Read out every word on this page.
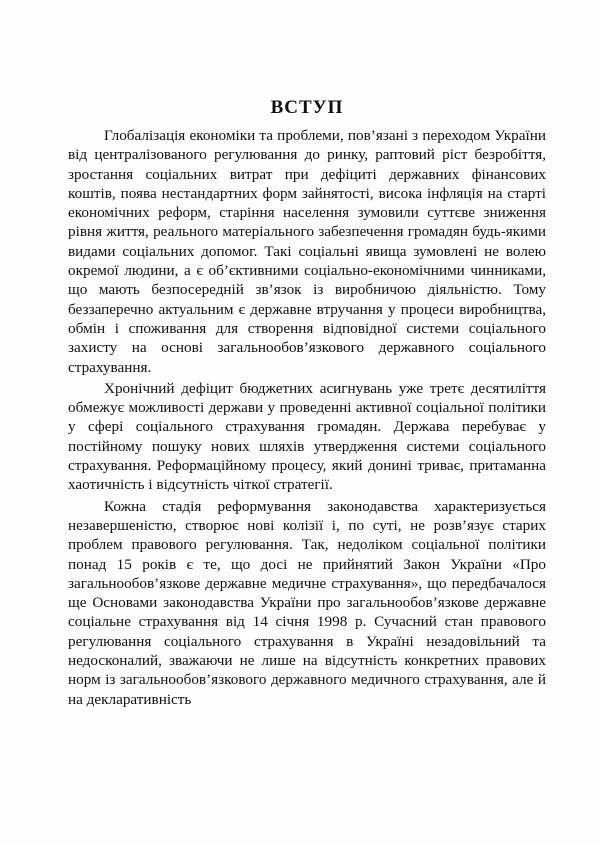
ВСТУП

Глобалізація економіки та проблеми, пов’язані з переходом України від централізованого регулювання до ринку, раптовий ріст безробіття, зростання соціальних витрат при дефіциті державних фінансових коштів, поява нестандартних форм зайнятості, висока інфляція на старті економічних реформ, старіння населення зумовили суттєве зниження рівня життя, реального матеріального забезпечення громадян будь-якими видами соціальних допомог. Такі соціальні явища зумовлені не волею окремої людини, а є об’єктивними соціально-економічними чинниками, що мають безпосередній зв’язок із виробничою діяльністю. Тому беззаперечно актуальним є державне втручання у процеси виробництва, обмін і споживання для створення відповідної системи соціального захисту на основі загальнообов’язкового державного соціального страхування.

Хронічний дефіцит бюджетних асигнувань уже третє десятиліття обмежує можливості держави у проведенні активної соціальної політики у сфері соціального страхування громадян. Держава перебуває у постійному пошуку нових шляхів утвердження системи соціального страхування. Реформаційному процесу, який донині триває, притаманна хаотичність і відсутність чіткої стратегії.

Кожна стадія реформування законодавства характеризується незавершеністю, створює нові колізії і, по суті, не розв’язує старих проблем правового регулювання. Так, недоліком соціальної політики понад 15 років є те, що досі не прийнятий Закон України «Про загальнообов’язкове державне медичне страхування», що передбачалося ще Основами законодавства України про загальнообов’язкове державне соціальне страхування від 14 січня 1998 р. Сучасний стан правового регулювання соціального страхування в Україні незадовільний та недосконалий, зважаючи не лише на відсутність конкретних правових норм із загальнообов’язкового державного медичного страхування, але й на декларативність
